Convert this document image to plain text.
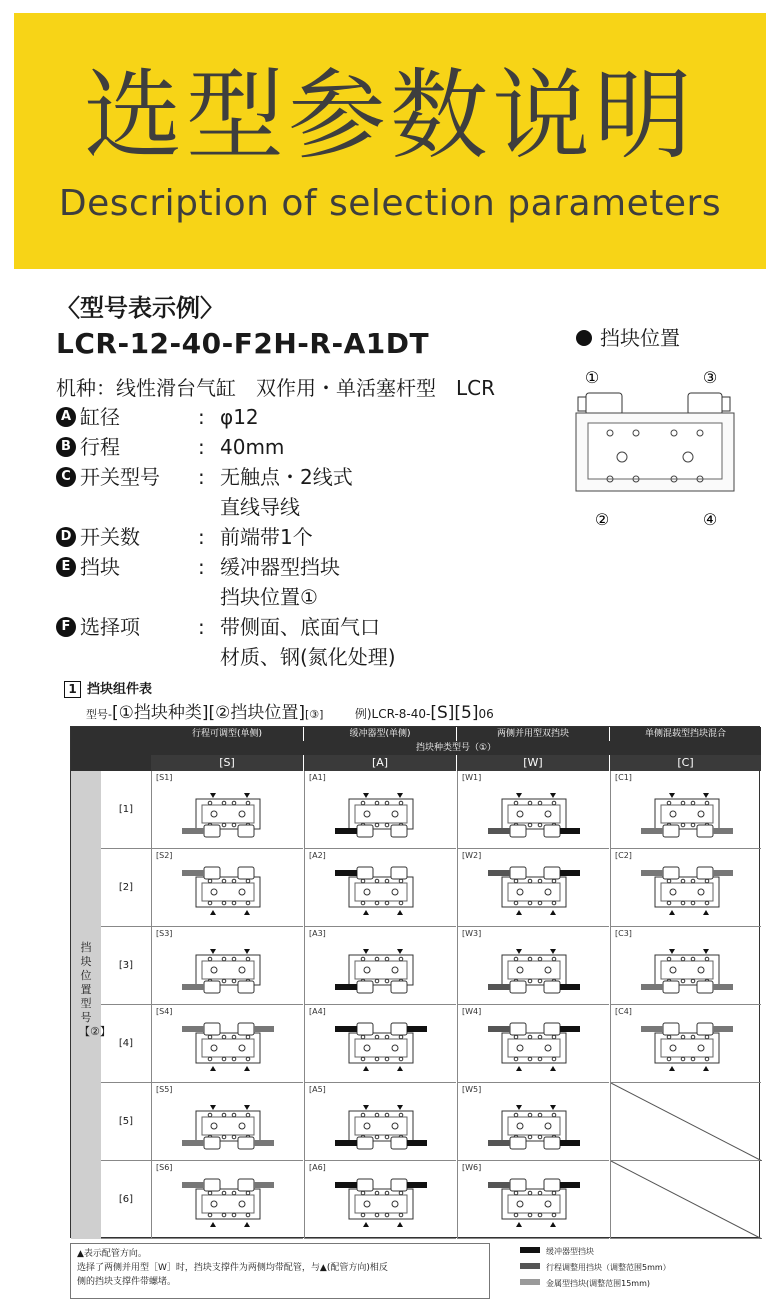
选型参数说明
Description of selection parameters
〈型号表示例〉
LCR-12-40-F2H-R-A1DT
机种：线性滑台气缸　双作用・单活塞杆型　LCR
A 缸径	: φ12
B 行程	: 40mm
C 开关型号	: 无触点・2线式
直线导线
D 开关数	: 前端带1个
E 挡块	: 缓冲器型挡块
挡块位置①
F 选择项	: 带侧面、底面气口
材质、钢(氮化处理)
挡块位置
①	③
②	④
1 挡块组件表
型号-[①挡块种类][②挡块位置][③]	例)LCR-8-40-[S][5]06
行程可调型(单侧)	缓冲器型(单侧)	两侧并用型双挡块	单侧混载型挡块混合
挡块种类型号（①）
[S]	[A]	[W]	[C]
挡块位置型号【②】
[1]
[S1]	[A1]	[W1]	[C1]
[2]
[S2]	[A2]	[W2]	[C2]
[3]
[S3]	[A3]	[W3]	[C3]
[4]
[S4]	[A4]	[W4]	[C4]
[5]
[S5]	[A5]	[W5]
[6]
[S6]	[A6]	[W6]
▲表示配管方向。
选择了两侧并用型［W］时，挡块支撑件为两侧均带配管，与▲(配管方向)相反
侧的挡块支撑件带螺堵。
缓冲器型挡块
行程调整用挡块（调整范围5mm）
金属型挡块(调整范围15mm)
